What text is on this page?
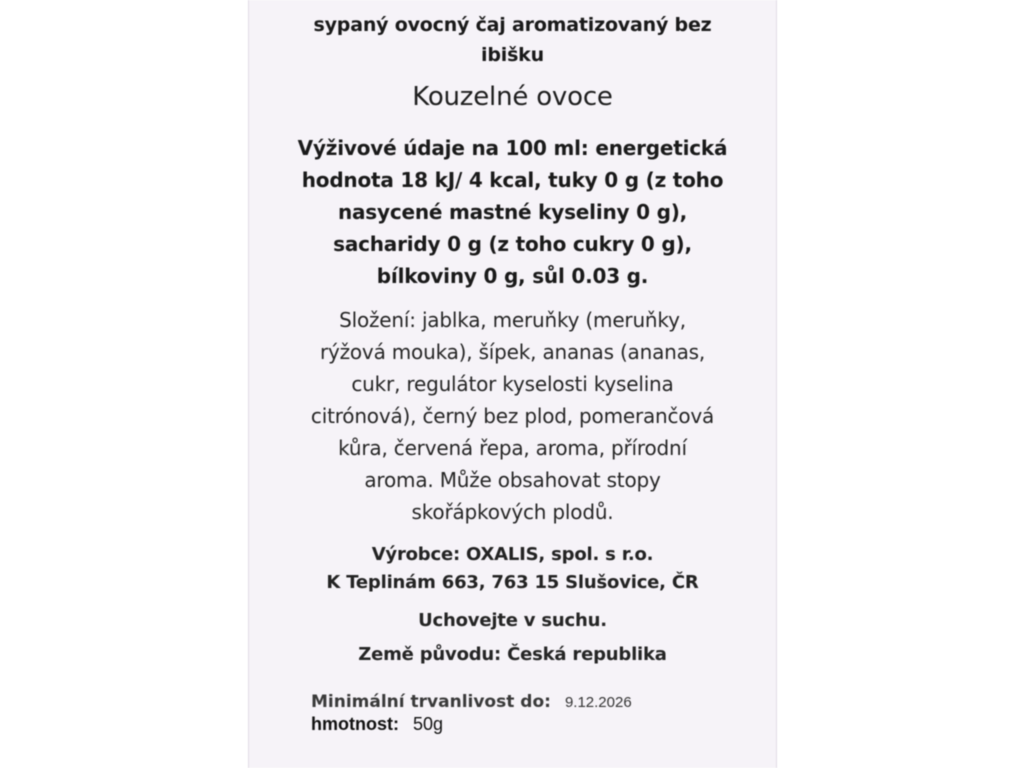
sypaný ovocný čaj aromatizovaný bez
ibišku
Kouzelné ovoce
Výživové údaje na 100 ml: energetická
hodnota 18 kJ/ 4 kcal, tuky 0 g (z toho
nasycené mastné kyseliny 0 g),
sacharidy 0 g (z toho cukry 0 g),
bílkoviny 0 g, sůl 0.03 g.
Složení: jablka, meruňky (meruňky,
rýžová mouka), šípek, ananas (ananas,
cukr, regulátor kyselosti kyselina
citrónová), černý bez plod, pomerančová
kůra, červená řepa, aroma, přírodní
aroma. Může obsahovat stopy
skořápkových plodů.
Výrobce: OXALIS, spol. s r.o.
K Teplinám 663, 763 15 Slušovice, ČR
Uchovejte v suchu.
Země původu: Česká republika
Minimální trvanlivost do: 9.12.2026
hmotnost: 50g
